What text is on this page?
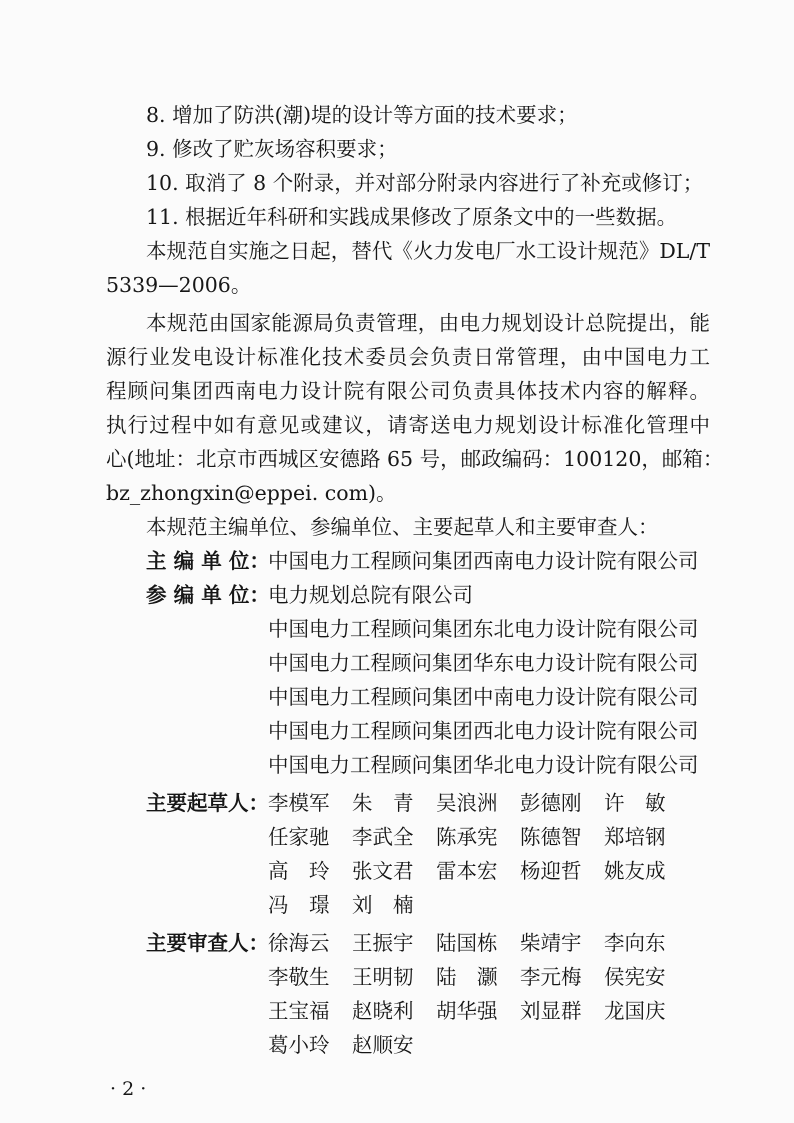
8. 增加了防洪(潮)堤的设计等方面的技术要求；
9. 修改了贮灰场容积要求；
10. 取消了 8 个附录，并对部分附录内容进行了补充或修订；
11. 根据近年科研和实践成果修改了原条文中的一些数据。
本规范自实施之日起，替代《火力发电厂水工设计规范》DL/T
5339—2006。
本规范由国家能源局负责管理，由电力规划设计总院提出，能
源行业发电设计标准化技术委员会负责日常管理，由中国电力工
程顾问集团西南电力设计院有限公司负责具体技术内容的解释。
执行过程中如有意见或建议，请寄送电力规划设计标准化管理中
心(地址：北京市西城区安德路 65 号，邮政编码：100120，邮箱：
bz_zhongxin@eppei. com)。
本规范主编单位、参编单位、主要起草人和主要审查人：
主 编 单 位：
中国电力工程顾问集团西南电力设计院有限公司
参 编 单 位：
电力规划总院有限公司
中国电力工程顾问集团东北电力设计院有限公司
中国电力工程顾问集团华东电力设计院有限公司
中国电力工程顾问集团中南电力设计院有限公司
中国电力工程顾问集团西北电力设计院有限公司
中国电力工程顾问集团华北电力设计院有限公司
主要起草人： 李模军 朱　青 吴浪洲 彭德刚 许　敏
任家驰 李武全 陈承宪 陈德智 郑培钢
高　玲 张文君 雷本宏 杨迎哲 姚友成
冯　璟 刘　楠
主要审查人： 徐海云 王振宇 陆国栋 柴靖宇 李向东
李敬生 王明韧 陆　灏 李元梅 侯宪安
王宝福 赵晓利 胡华强 刘显群 龙国庆
葛小玲 赵顺安
· 2 ·
